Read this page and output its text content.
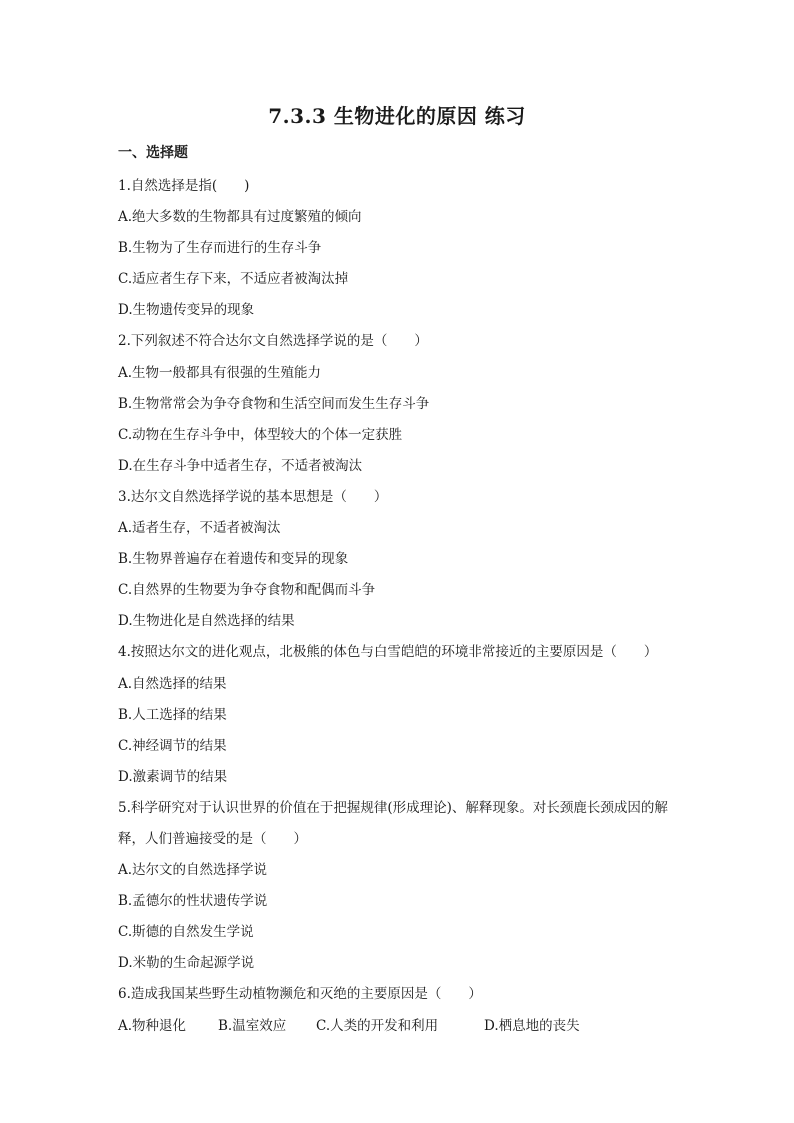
7.3.3 生物进化的原因 练习
一、选择题
1.自然选择是指(　　)
A.绝大多数的生物都具有过度繁殖的倾向
B.生物为了生存而进行的生存斗争
C.适应者生存下来，不适应者被淘汰掉
D.生物遗传变异的现象
2.下列叙述不符合达尔文自然选择学说的是（　　）
A.生物一般都具有很强的生殖能力
B.生物常常会为争夺食物和生活空间而发生生存斗争
C.动物在生存斗争中，体型较大的个体一定获胜
D.在生存斗争中适者生存，不适者被淘汰
3.达尔文自然选择学说的基本思想是（　　）
A.适者生存，不适者被淘汰
B.生物界普遍存在着遗传和变异的现象
C.自然界的生物要为争夺食物和配偶而斗争
D.生物进化是自然选择的结果
4.按照达尔文的进化观点，北极熊的体色与白雪皑皑的环境非常接近的主要原因是（　　）
A.自然选择的结果
B.人工选择的结果
C.神经调节的结果
D.激素调节的结果
5.科学研究对于认识世界的价值在于把握规律(形成理论)、解释现象。对长颈鹿长颈成因的解
释，人们普遍接受的是（　　）
A.达尔文的自然选择学说
B.孟德尔的性状遗传学说
C.斯德的自然发生学说
D.米勒的生命起源学说
6.造成我国某些野生动植物濒危和灭绝的主要原因是（　　）
A.物种退化	B.温室效应	C.人类的开发和利用	D.栖息地的丧失
